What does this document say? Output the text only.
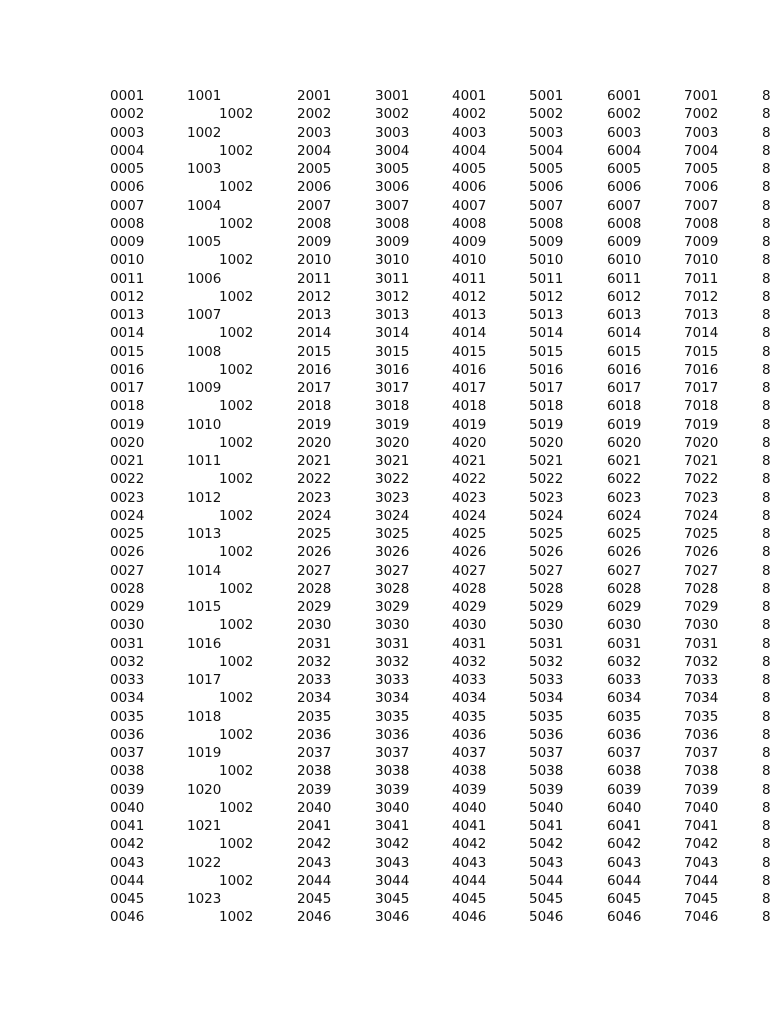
0001	1001	2001	3001	4001	5001	6001	7001	8
0002	1002	2002	3002	4002	5002	6002	7002	8
0003	1002	2003	3003	4003	5003	6003	7003	8
0004	1002	2004	3004	4004	5004	6004	7004	8
0005	1003	2005	3005	4005	5005	6005	7005	8
0006	1002	2006	3006	4006	5006	6006	7006	8
0007	1004	2007	3007	4007	5007	6007	7007	8
0008	1002	2008	3008	4008	5008	6008	7008	8
0009	1005	2009	3009	4009	5009	6009	7009	8
0010	1002	2010	3010	4010	5010	6010	7010	8
0011	1006	2011	3011	4011	5011	6011	7011	8
0012	1002	2012	3012	4012	5012	6012	7012	8
0013	1007	2013	3013	4013	5013	6013	7013	8
0014	1002	2014	3014	4014	5014	6014	7014	8
0015	1008	2015	3015	4015	5015	6015	7015	8
0016	1002	2016	3016	4016	5016	6016	7016	8
0017	1009	2017	3017	4017	5017	6017	7017	8
0018	1002	2018	3018	4018	5018	6018	7018	8
0019	1010	2019	3019	4019	5019	6019	7019	8
0020	1002	2020	3020	4020	5020	6020	7020	8
0021	1011	2021	3021	4021	5021	6021	7021	8
0022	1002	2022	3022	4022	5022	6022	7022	8
0023	1012	2023	3023	4023	5023	6023	7023	8
0024	1002	2024	3024	4024	5024	6024	7024	8
0025	1013	2025	3025	4025	5025	6025	7025	8
0026	1002	2026	3026	4026	5026	6026	7026	8
0027	1014	2027	3027	4027	5027	6027	7027	8
0028	1002	2028	3028	4028	5028	6028	7028	8
0029	1015	2029	3029	4029	5029	6029	7029	8
0030	1002	2030	3030	4030	5030	6030	7030	8
0031	1016	2031	3031	4031	5031	6031	7031	8
0032	1002	2032	3032	4032	5032	6032	7032	8
0033	1017	2033	3033	4033	5033	6033	7033	8
0034	1002	2034	3034	4034	5034	6034	7034	8
0035	1018	2035	3035	4035	5035	6035	7035	8
0036	1002	2036	3036	4036	5036	6036	7036	8
0037	1019	2037	3037	4037	5037	6037	7037	8
0038	1002	2038	3038	4038	5038	6038	7038	8
0039	1020	2039	3039	4039	5039	6039	7039	8
0040	1002	2040	3040	4040	5040	6040	7040	8
0041	1021	2041	3041	4041	5041	6041	7041	8
0042	1002	2042	3042	4042	5042	6042	7042	8
0043	1022	2043	3043	4043	5043	6043	7043	8
0044	1002	2044	3044	4044	5044	6044	7044	8
0045	1023	2045	3045	4045	5045	6045	7045	8
0046	1002	2046	3046	4046	5046	6046	7046	8
